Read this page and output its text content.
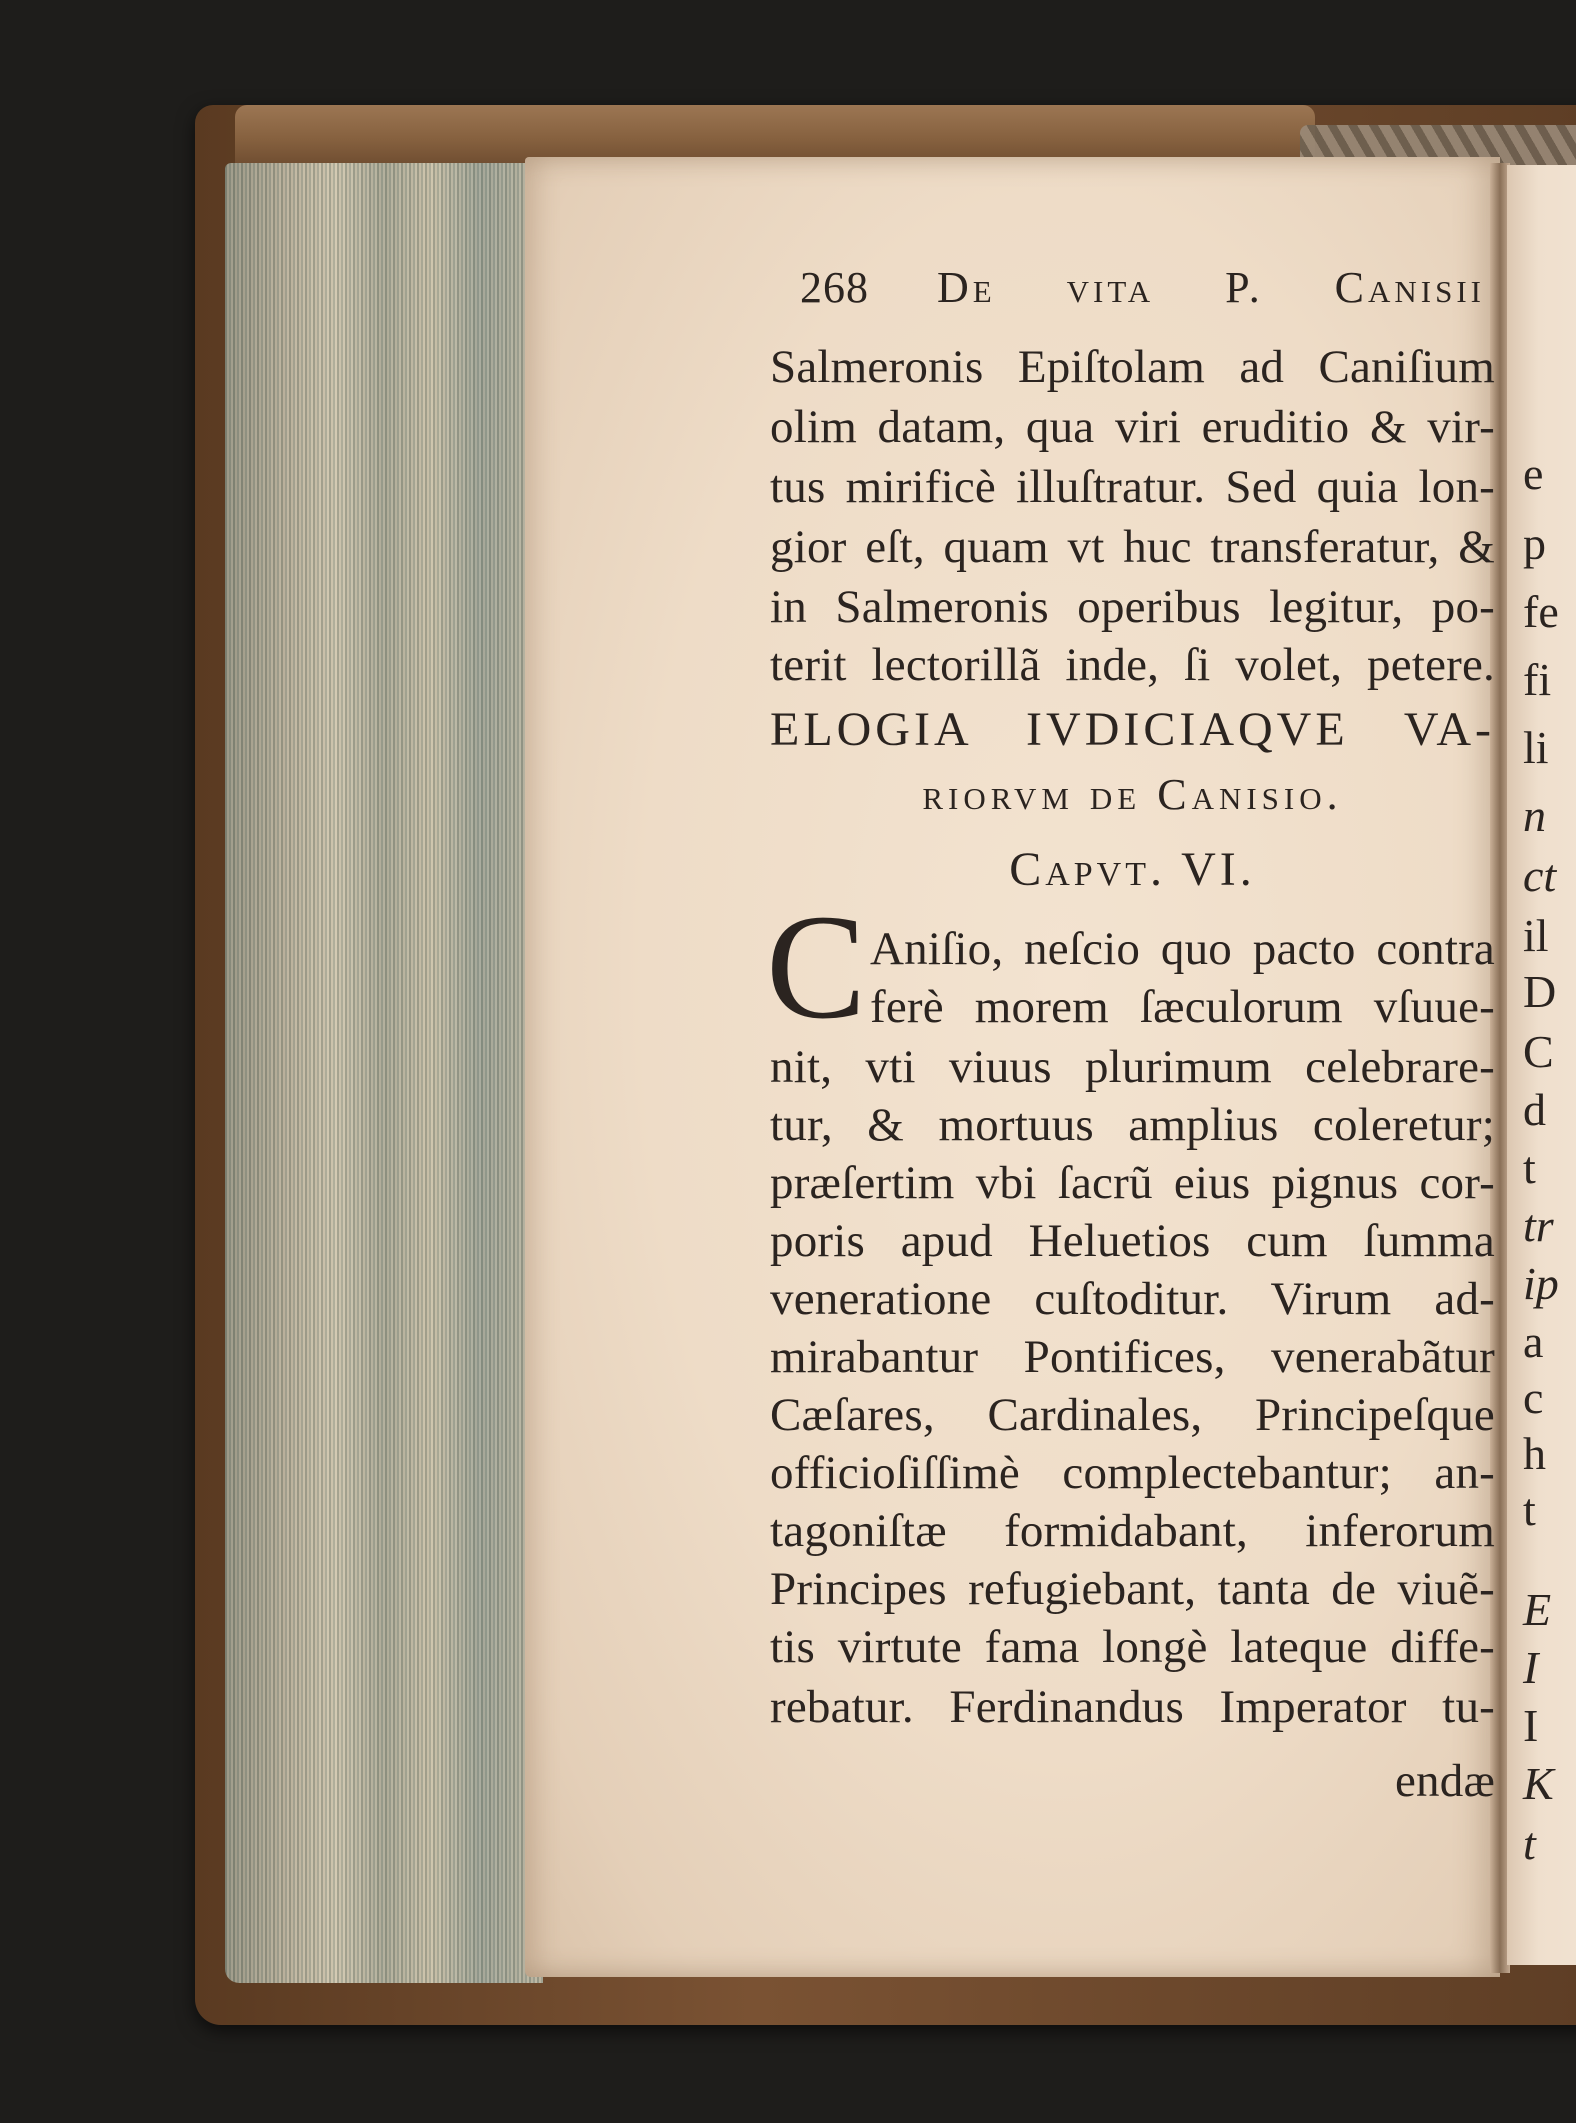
e
p
fe
fi
li
n
ct
il
D
C
d
t
tr
ip
a
c
h
t
E
I
I
K
t
268 De vita P. Canisii
Salmeronis Epiſtolam ad Caniſium
olim datam, qua viri eruditio & vir-
tus mirificè illuſtratur. Sed quia lon-
gior eſt, quam vt huc transferatur, &
in Salmeronis operibus legitur, po-
terit lectorillã inde, ſi volet, petere.
ELOGIA IVDICIAQVE VA-
riorvm de Canisio.
Capvt. VI.
C Aniſio, neſcio quo pacto contra
ferè morem ſæculorum vſuue-
nit, vti viuus plurimum celebrare-
tur, & mortuus amplius coleretur;
præſertim vbi ſacrũ eius pignus cor-
poris apud Heluetios cum ſumma
veneratione cuſtoditur. Virum ad-
mirabantur Pontifices, venerabãtur
Cæſares, Cardinales, Principeſque
officioſiſſimè complectebantur; an-
tagoniſtæ formidabant, inferorum
Principes refugiebant, tanta de viuẽ-
tis virtute fama longè lateque diffe-
rebatur. Ferdinandus Imperator tu-
endæ
